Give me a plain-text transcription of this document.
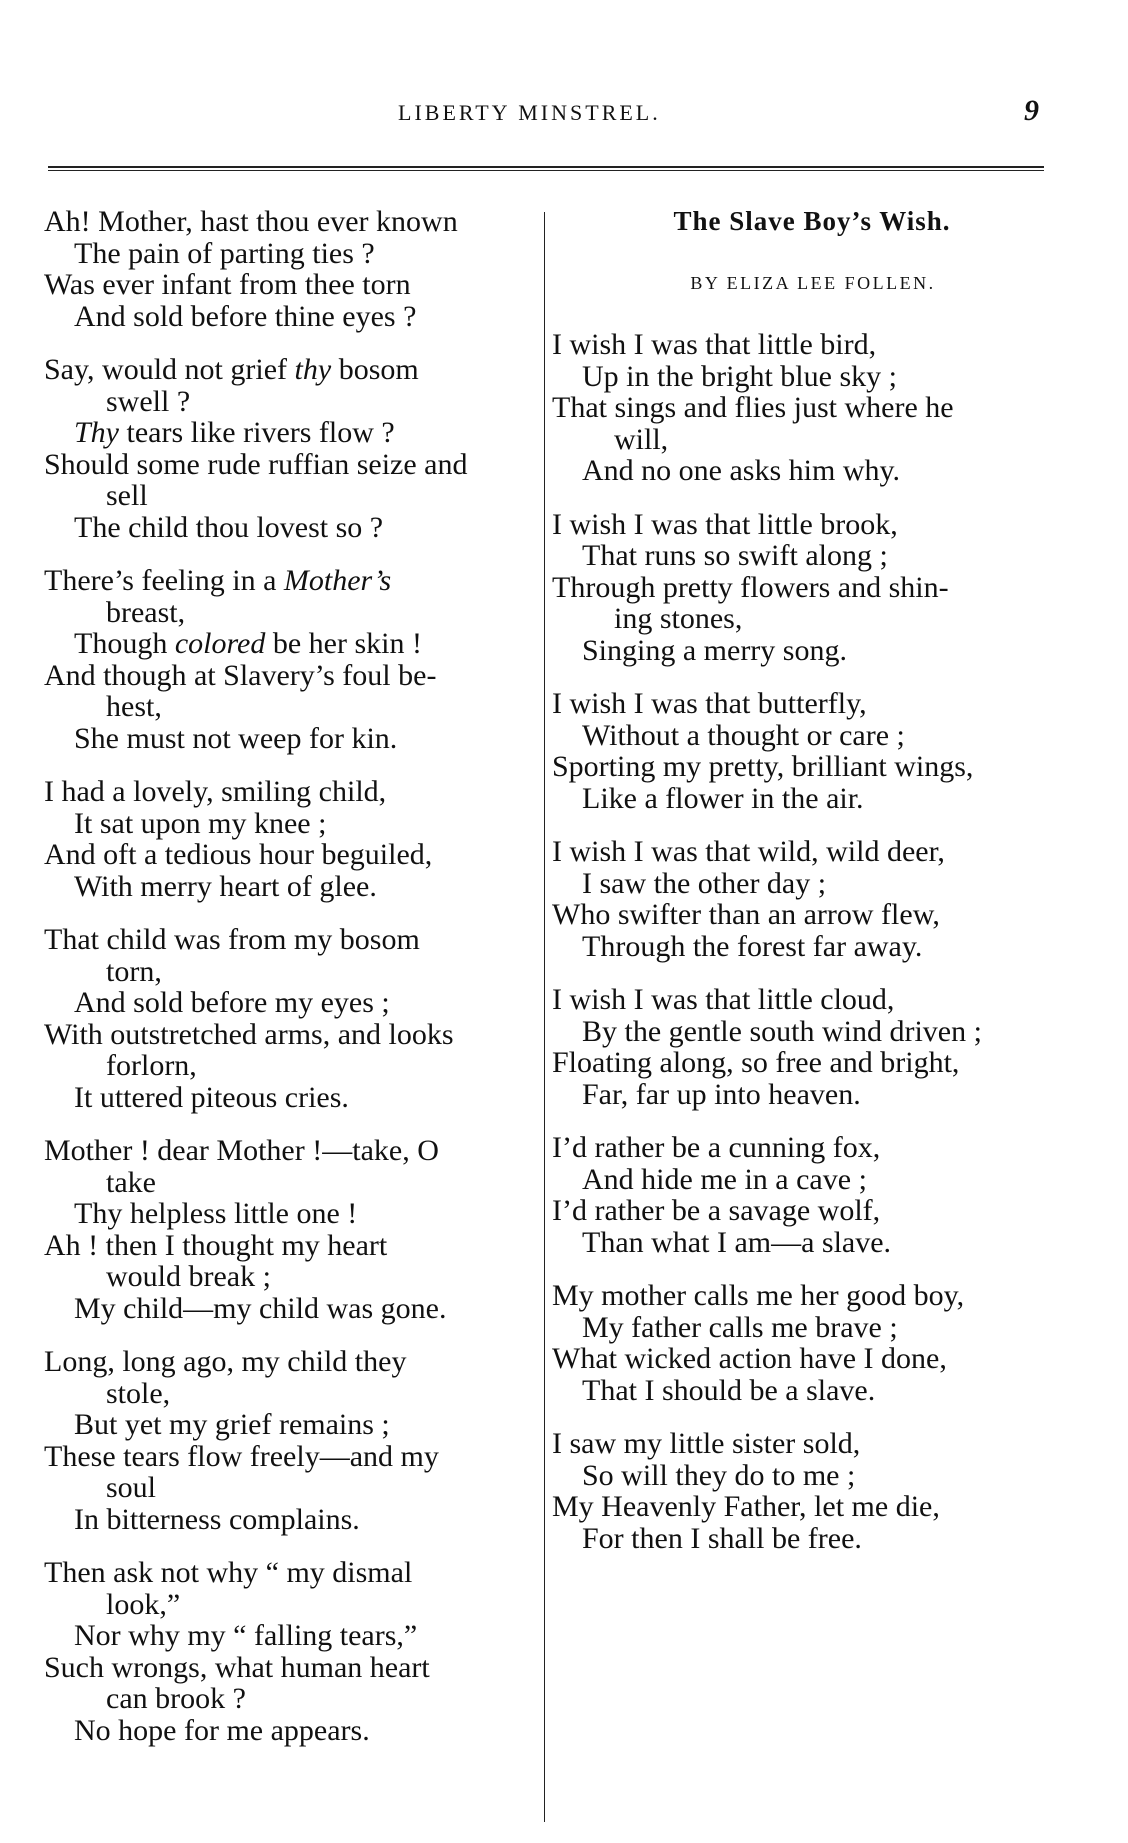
LIBERTY MINSTREL.	9
Ah! Mother, hast thou ever known
The pain of parting ties ?
Was ever infant from thee torn
And sold before thine eyes ?
Say, would not grief thy bosom
swell ?
Thy tears like rivers flow ?
Should some rude ruffian seize and
sell
The child thou lovest so ?
There’s feeling in a Mother’s
breast,
Though colored be her skin !
And though at Slavery’s foul be-
hest,
She must not weep for kin.
I had a lovely, smiling child,
It sat upon my knee ;
And oft a tedious hour beguiled,
With merry heart of glee.
That child was from my bosom
torn,
And sold before my eyes ;
With outstretched arms, and looks
forlorn,
It uttered piteous cries.
Mother ! dear Mother !—take, O
take
Thy helpless little one !
Ah ! then I thought my heart
would break ;
My child—my child was gone.
Long, long ago, my child they
stole,
But yet my grief remains ;
These tears flow freely—and my
soul
In bitterness complains.
Then ask not why “ my dismal
look,”
Nor why my “ falling tears,”
Such wrongs, what human heart
can brook ?
No hope for me appears.
The Slave Boy’s Wish.
BY ELIZA LEE FOLLEN.
I wish I was that little bird,
Up in the bright blue sky ;
That sings and flies just where he
will,
And no one asks him why.
I wish I was that little brook,
That runs so swift along ;
Through pretty flowers and shin-
ing stones,
Singing a merry song.
I wish I was that butterfly,
Without a thought or care ;
Sporting my pretty, brilliant wings,
Like a flower in the air.
I wish I was that wild, wild deer,
I saw the other day ;
Who swifter than an arrow flew,
Through the forest far away.
I wish I was that little cloud,
By the gentle south wind driven ;
Floating along, so free and bright,
Far, far up into heaven.
I’d rather be a cunning fox,
And hide me in a cave ;
I’d rather be a savage wolf,
Than what I am—a slave.
My mother calls me her good boy,
My father calls me brave ;
What wicked action have I done,
That I should be a slave.
I saw my little sister sold,
So will they do to me ;
My Heavenly Father, let me die,
For then I shall be free.
